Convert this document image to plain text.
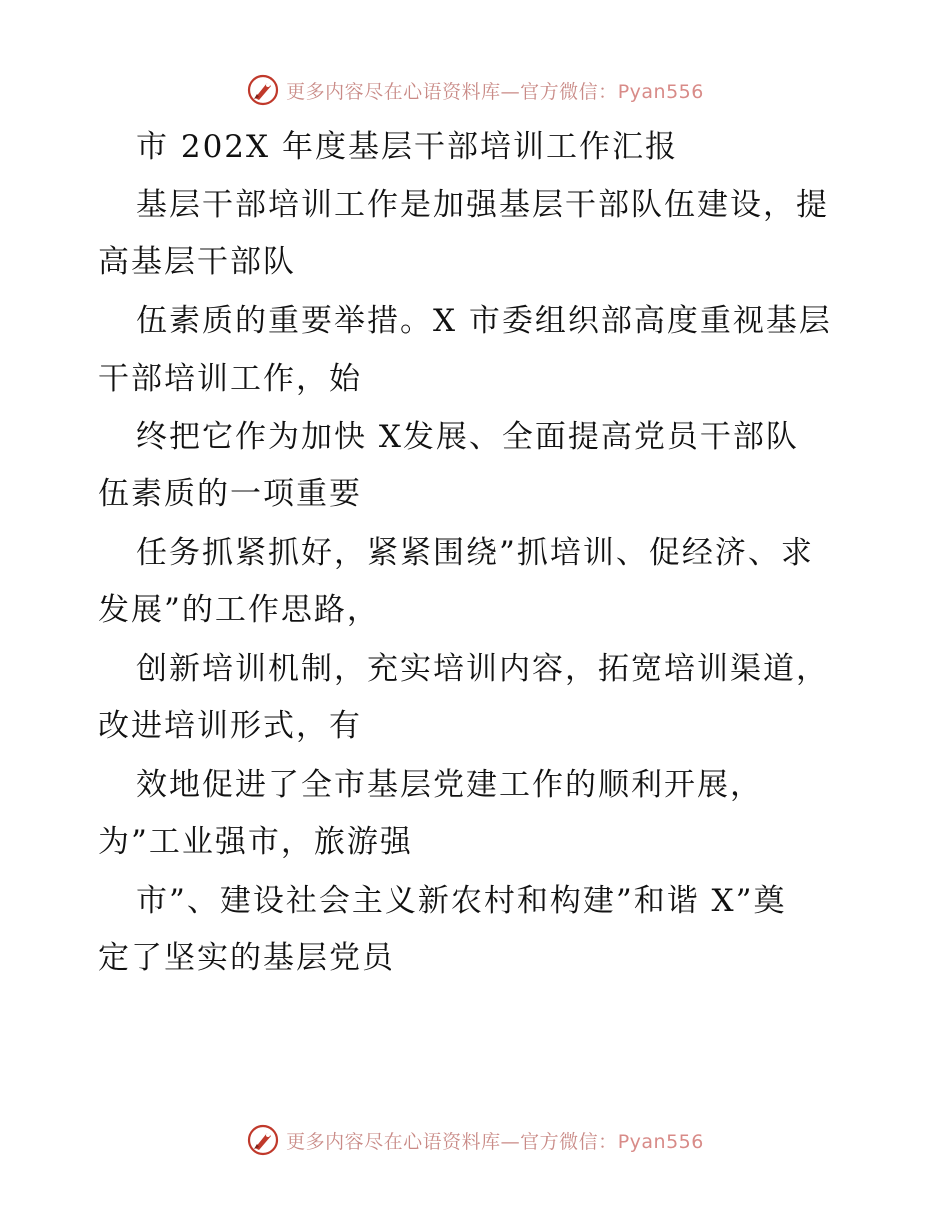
更多内容尽在心语资料库—官方微信：Pyan556
市 202X 年度基层干部培训工作汇报
基层干部培训工作是加强基层干部队伍建设，提
高基层干部队
伍素质的重要举措。X 市委组织部高度重视基层
干部培训工作，始
终把它作为加快 X发展、全面提高党员干部队
伍素质的一项重要
任务抓紧抓好，紧紧围绕”抓培训、促经济、求
发展”的工作思路，
创新培训机制，充实培训内容，拓宽培训渠道，
改进培训形式，有
效地促进了全市基层党建工作的顺利开展，
为”工业强市，旅游强
市”、建设社会主义新农村和构建”和谐 X”奠
定了坚实的基层党员
更多内容尽在心语资料库—官方微信：Pyan556
